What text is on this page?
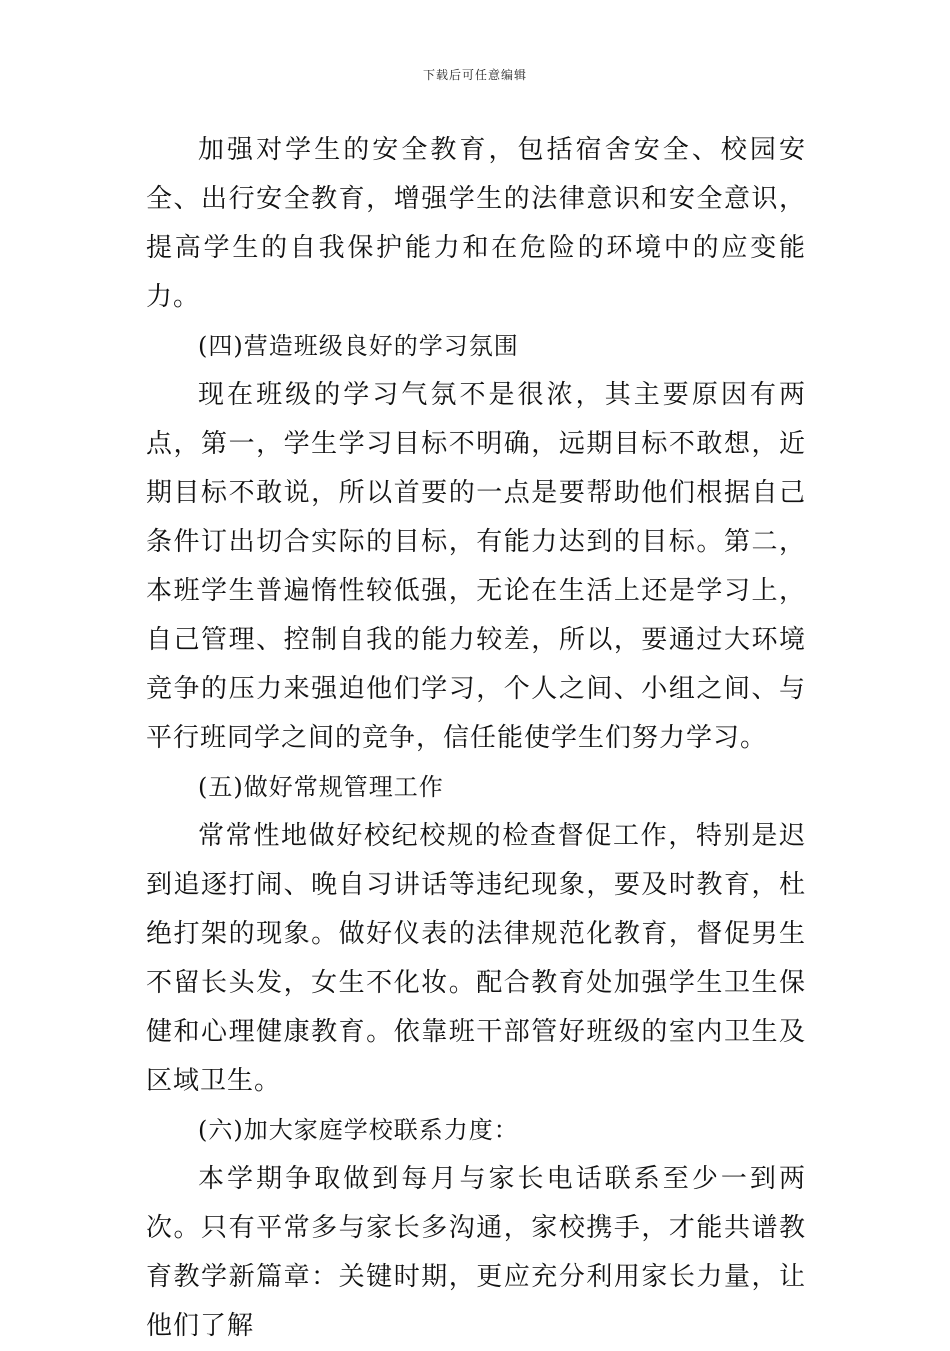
下载后可任意编辑

加强对学生的安全教育，包括宿舍安全、校园安全、出行安全教育，增强学生的法律意识和安全意识，提高学生的自我保护能力和在危险的环境中的应变能力。

(四)营造班级良好的学习氛围

现在班级的学习气氛不是很浓，其主要原因有两点，第一，学生学习目标不明确，远期目标不敢想，近期目标不敢说，所以首要的一点是要帮助他们根据自己条件订出切合实际的目标，有能力达到的目标。第二，本班学生普遍惰性较低强，无论在生活上还是学习上，自己管理、控制自我的能力较差，所以，要通过大环境竞争的压力来强迫他们学习，个人之间、小组之间、与平行班同学之间的竞争，信任能使学生们努力学习。

(五)做好常规管理工作

常常性地做好校纪校规的检查督促工作，特别是迟到追逐打闹、晚自习讲话等违纪现象，要及时教育，杜绝打架的现象。做好仪表的法律规范化教育，督促男生不留长头发，女生不化妆。配合教育处加强学生卫生保健和心理健康教育。依靠班干部管好班级的室内卫生及区域卫生。

(六)加大家庭学校联系力度：

本学期争取做到每月与家长电话联系至少一到两次。只有平常多与家长多沟通，家校携手，才能共谱教育教学新篇章：关键时期，更应充分利用家长力量，让他们了解
